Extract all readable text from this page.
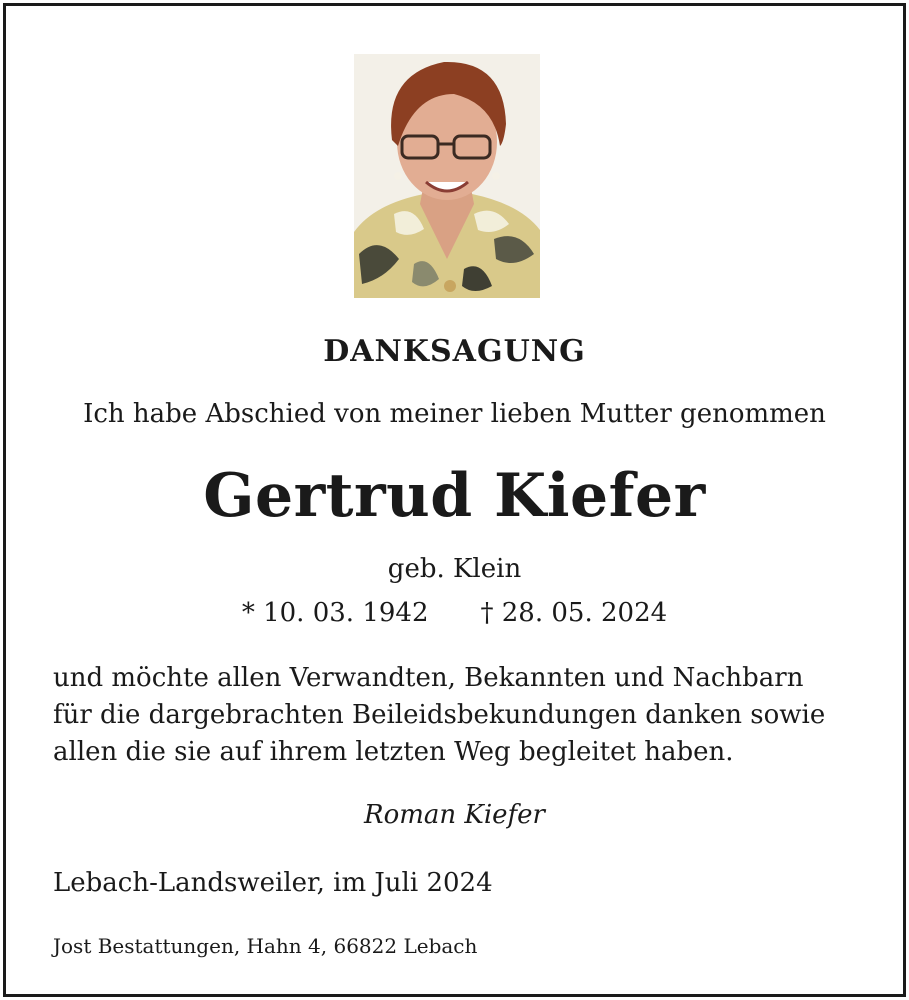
DANKSAGUNG
Ich habe Abschied von meiner lieben Mutter genommen
Gertrud Kiefer
geb. Klein
* 10. 03. 1942 † 28. 05. 2024
und möchte allen Verwandten, Bekannten und Nachbarn
für die dargebrachten Beileidsbekundungen danken sowie
allen die sie auf ihrem letzten Weg begleitet haben.
Roman Kiefer
Lebach-Landsweiler, im Juli 2024
Jost Bestattungen, Hahn 4, 66822 Lebach
